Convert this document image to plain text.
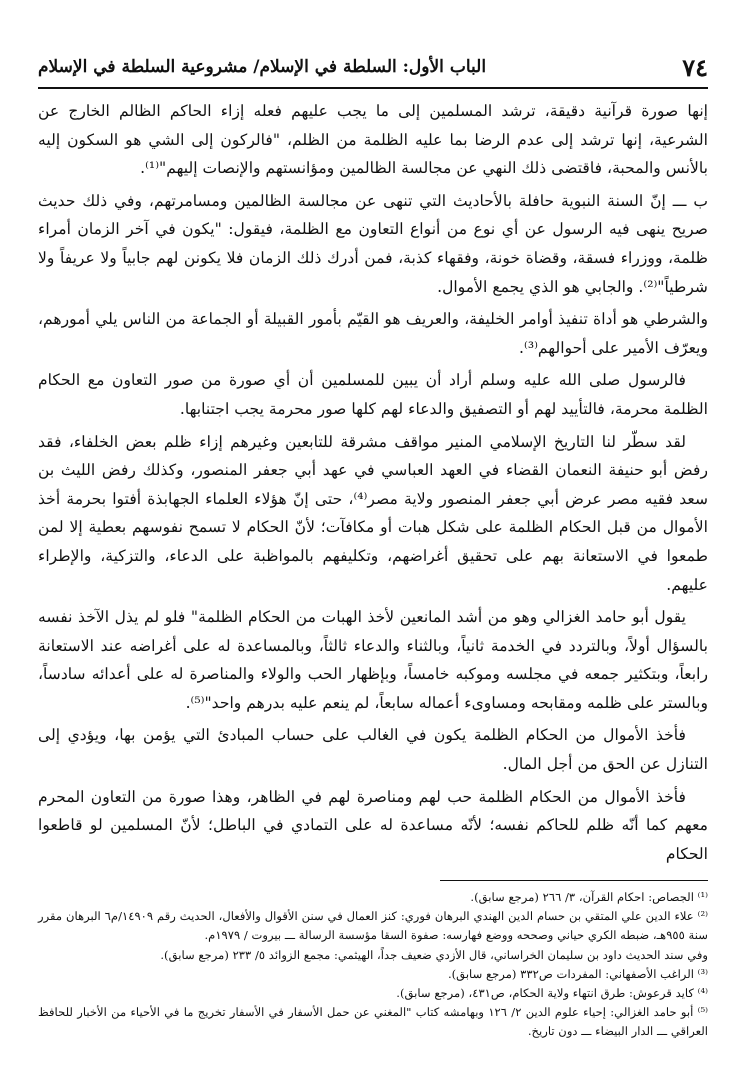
الباب الأول: السلطة في الإسلام/ مشروعية السلطة في الإسلام	٧٤

إنها صورة قرآنية دقيقة، ترشد المسلمين إلى ما يجب عليهم فعله إزاء الحاكم الظالم الخارج عن الشرعية، إنها ترشد إلى عدم الرضا بما عليه الظلمة من الظلم، "فالركون إلى الشي هو السكون إليه بالأنس والمحبة، فاقتضى ذلك النهي عن مجالسة الظالمين ومؤانستهم والإنصات إليهم"⁽¹⁾.

ب ـــ إنّ السنة النبوية حافلة بالأحاديث التي تنهى عن مجالسة الظالمين ومسامرتهم، وفي ذلك حديث صريح ينهى فيه الرسول عن أي نوع من أنواع التعاون مع الظلمة، فيقول: "يكون في آخر الزمان أمراء ظلمة، ووزراء فسقة، وقضاة خونة، وفقهاء كذبة، فمن أدرك ذلك الزمان فلا يكونن لهم جابياً ولا عريفاً ولا شرطياً"⁽²⁾. والجابي هو الذي يجمع الأموال.

والشرطي هو أداة تنفيذ أوامر الخليفة، والعريف هو القيّم بأمور القبيلة أو الجماعة من الناس يلي أمورهم، ويعرّف الأمير على أحوالهم⁽³⁾.

فالرسول صلى الله عليه وسلم أراد أن يبين للمسلمين أن أي صورة من صور التعاون مع الحكام الظلمة محرمة، فالتأييد لهم أو التصفيق والدعاء لهم كلها صور محرمة يجب اجتنابها.

لقد سطّر لنا التاريخ الإسلامي المنير مواقف مشرقة للتابعين وغيرهم إزاء ظلم بعض الخلفاء، فقد رفض أبو حنيفة النعمان القضاء في العهد العباسي في عهد أبي جعفر المنصور، وكذلك رفض الليث بن سعد فقيه مصر عرض أبي جعفر المنصور ولاية مصر⁽⁴⁾، حتى إنّ هؤلاء العلماء الجهابذة أفتوا بحرمة أخذ الأموال من قبل الحكام الظلمة على شكل هبات أو مكافآت؛ لأنّ الحكام لا تسمح نفوسهم بعطية إلا لمن طمعوا في الاستعانة بهم على تحقيق أغراضهم، وتكليفهم بالمواظبة على الدعاء، والتزكية، والإطراء عليهم.

يقول أبو حامد الغزالي وهو من أشد المانعين لأخذ الهبات من الحكام الظلمة" فلو لم يذل الآخذ نفسه بالسؤال أولاً، وبالتردد في الخدمة ثانياً، وبالثناء والدعاء ثالثاً، وبالمساعدة له على أغراضه عند الاستعانة رابعاً، وبتكثير جمعه في مجلسه وموكبه خامساً، وبإظهار الحب والولاء والمناصرة له على أعدائه سادساً، وبالستر على ظلمه ومقابحه ومساوىء أعماله سابعاً، لم ينعم عليه بدرهم واحد"⁽⁵⁾.

فأخذ الأموال من الحكام الظلمة يكون في الغالب على حساب المبادئ التي يؤمن بها، ويؤدي إلى التنازل عن الحق من أجل المال.

فأخذ الأموال من الحكام الظلمة حب لهم ومناصرة لهم في الظاهر، وهذا صورة من التعاون المحرم معهم كما أنّه ظلم للحاكم نفسه؛ لأنّه مساعدة له على التمادي في الباطل؛ لأنّ المسلمين لو قاطعوا الحكام

⁽¹⁾ الجصاص: احكام القرآن، ٣/ ٢٦٦ (مرجع سابق).

⁽²⁾ علاء الدين علي المتقي بن حسام الدين الهندي البرهان فوري: كنز العمال في سنن الأقوال والأفعال، الحديث رقم ١٤٩٠٩/م٦ البرهان مقرر سنة ٩٥٥هـ، ضبطه الكري حياني وصححه ووضع فهارسه: صفوة السقا مؤسسة الرسالة ـــ بيروت / ١٩٧٩م.

وفي سند الحديث داود بن سليمان الخراساني، قال الأزدي ضعيف جداً، الهيثمي: مجمع الزوائد ٥/ ٢٣٣ (مرجع سابق).

⁽³⁾ الراغب الأصفهاني: المفردات ص٣٣٢ (مرجع سابق).

⁽⁴⁾ كايد قرعوش: طرق انتهاء ولاية الحكام، ص٤٣١، (مرجع سابق).

⁽⁵⁾ أبو حامد الغزالي: إحياء علوم الدين ٢/ ١٢٦ وبهامشه كتاب "المغني عن حمل الأسفار في الأسفار تخريج ما في الأحياء من الأخبار للحافظ العراقي ـــ الدار البيضاء ـــ دون تاريخ.
